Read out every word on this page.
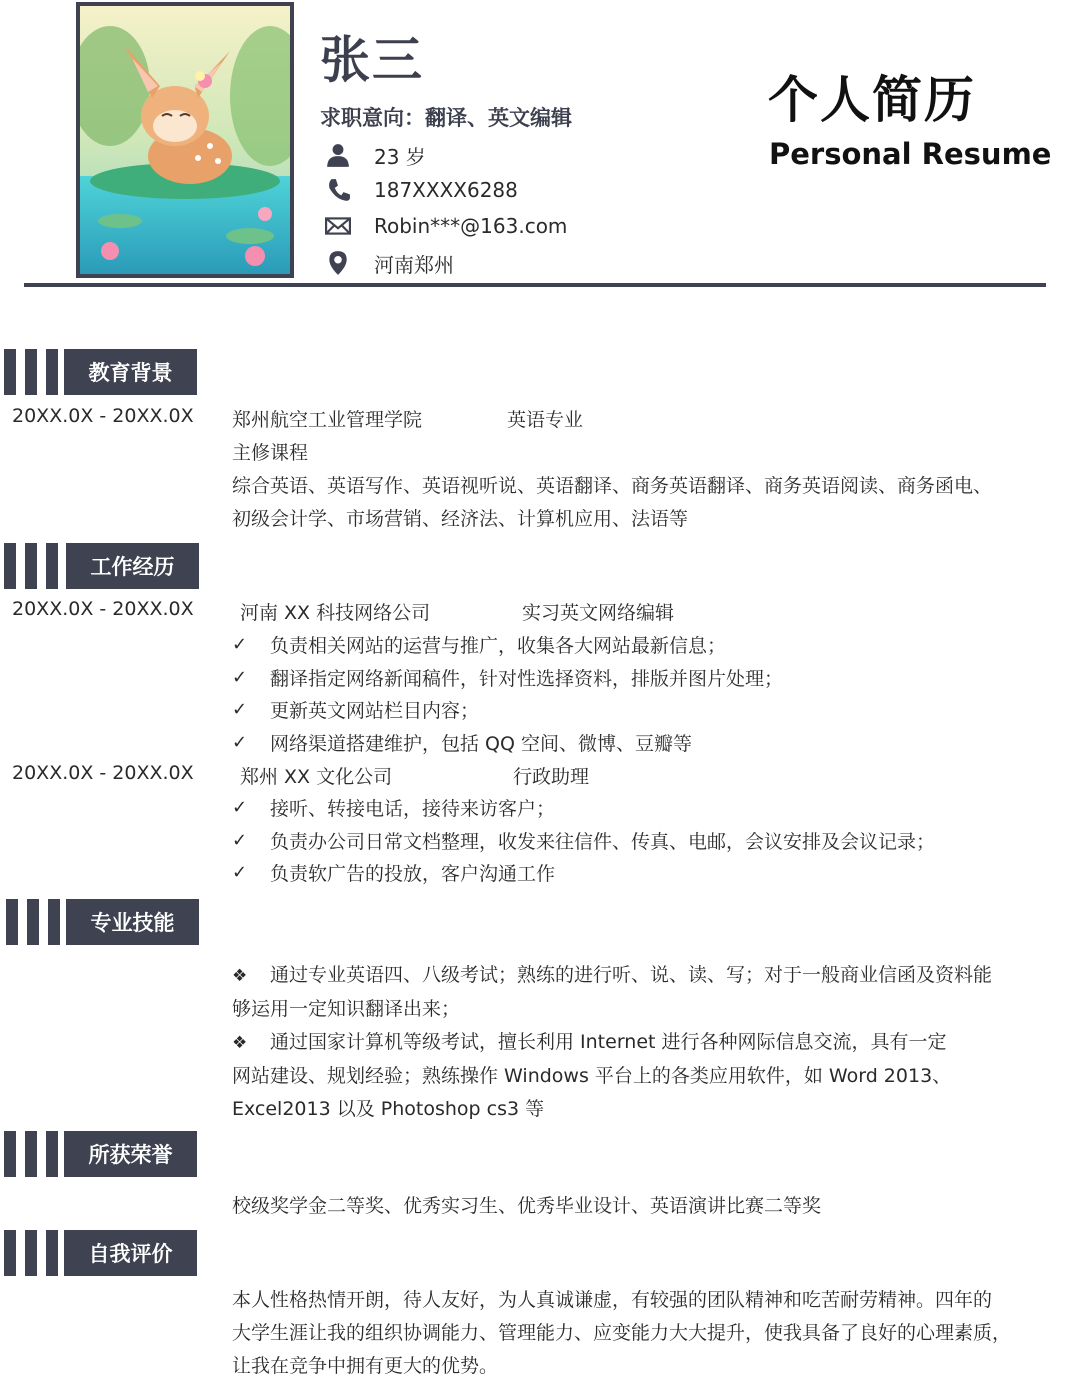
张三
求职意向：翻译、英文编辑
23 岁
187XXXX6288
Robin***@163.com
河南郑州
个人简历
Personal Resume
教育背景
20XX.0X - 20XX.0X 郑州航空工业管理学院	英语专业
主修课程
综合英语、英语写作、英语视听说、英语翻译、商务英语翻译、商务英语阅读、商务函电、
初级会计学、市场营销、经济法、计算机应用、法语等
工作经历
20XX.0X - 20XX.0X 河南 XX 科技网络公司	实习英文网络编辑
✓	负责相关网站的运营与推广，收集各大网站最新信息；
✓	翻译指定网络新闻稿件，针对性选择资料，排版并图片处理；
✓	更新英文网站栏目内容；
✓	网络渠道搭建维护，包括 QQ 空间、微博、豆瓣等
20XX.0X - 20XX.0X 郑州 XX 文化公司	行政助理
✓	接听、转接电话，接待来访客户；
✓	负责办公司日常文档整理，收发来往信件、传真、电邮，会议安排及会议记录；
✓	负责软广告的投放，客户沟通工作
专业技能
❖ 通过专业英语四、八级考试；熟练的进行听、说、读、写；对于一般商业信函及资料能
够运用一定知识翻译出来；
❖ 通过国家计算机等级考试，擅长利用 Internet 进行各种网际信息交流，具有一定
网站建设、规划经验；熟练操作 Windows 平台上的各类应用软件，如 Word 2013、
Excel2013 以及 Photoshop cs3 等
所获荣誉
校级奖学金二等奖、优秀实习生、优秀毕业设计、英语演讲比赛二等奖
自我评价
本人性格热情开朗，待人友好，为人真诚谦虚，有较强的团队精神和吃苦耐劳精神。四年的
大学生涯让我的组织协调能力、管理能力、应变能力大大提升，使我具备了良好的心理素质，
让我在竞争中拥有更大的优势。
